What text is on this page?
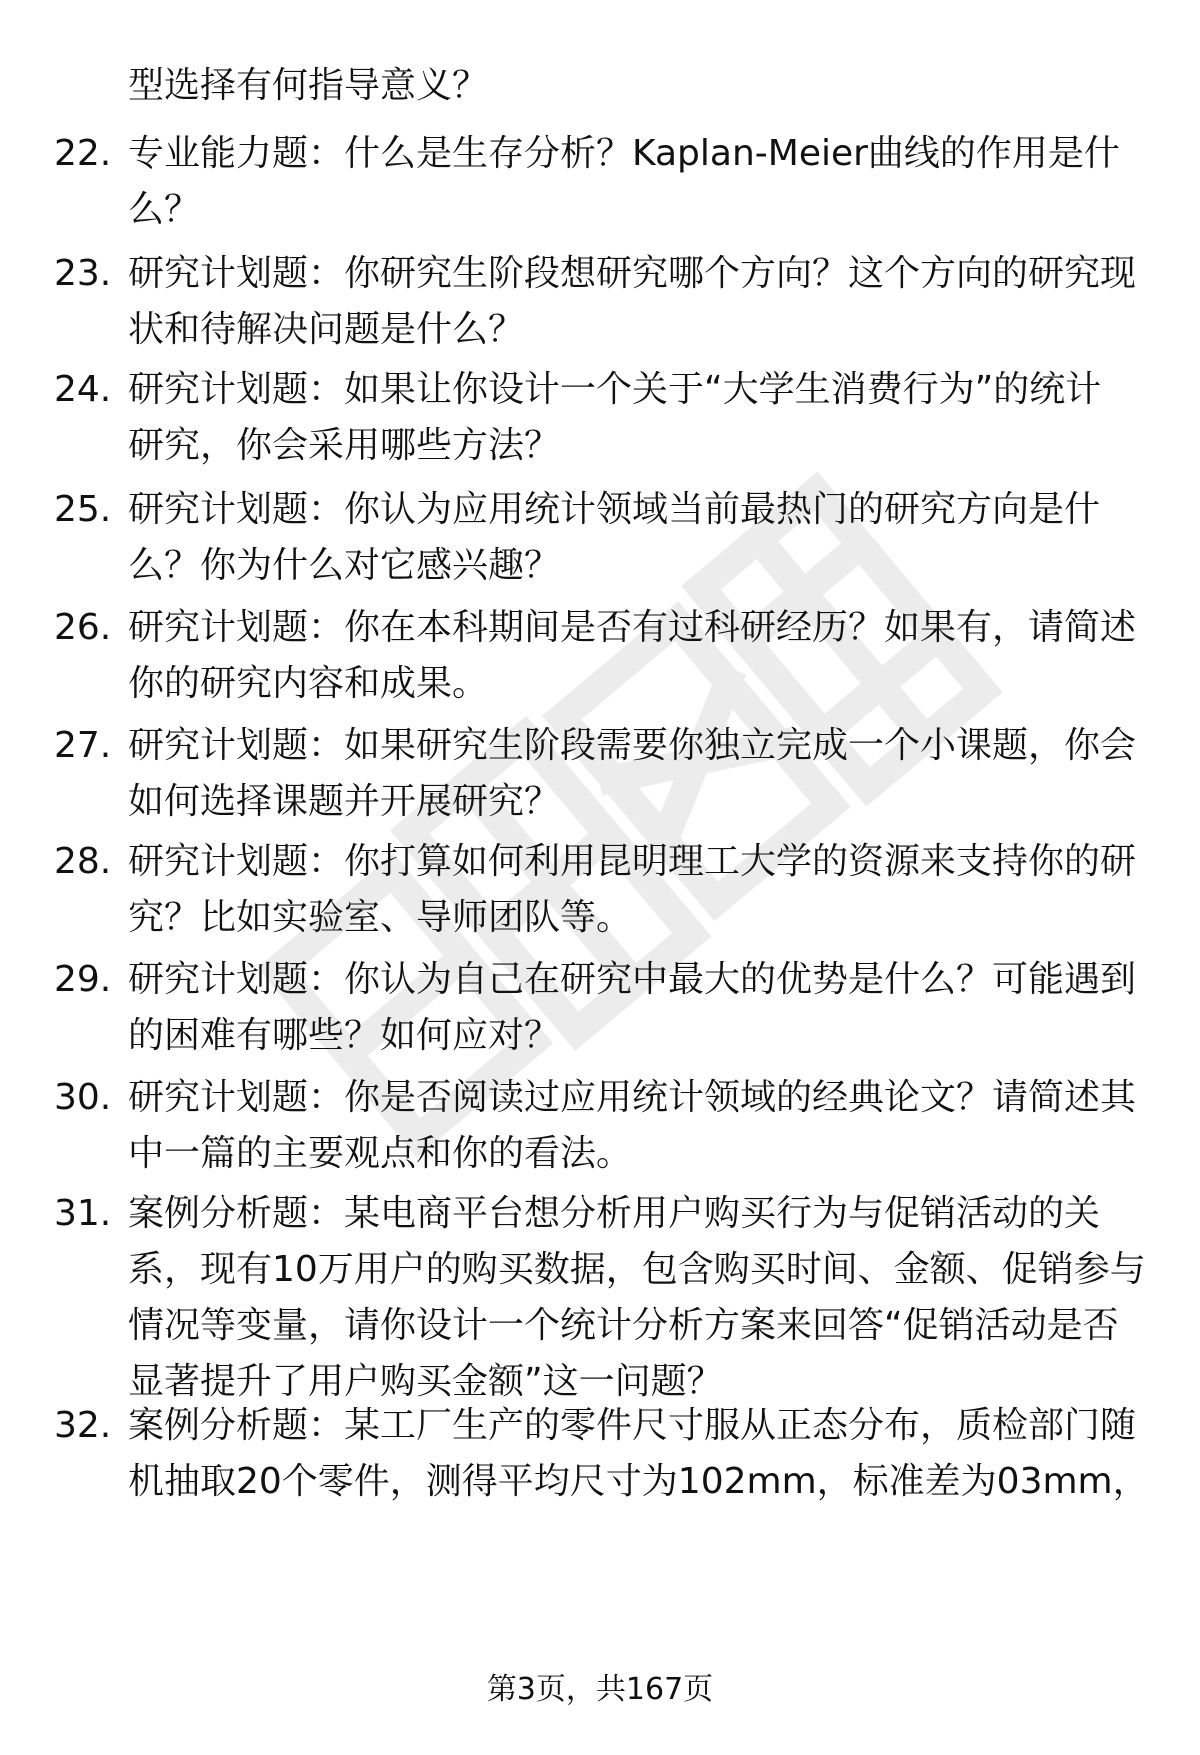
型选择有何指导意义？
22. 专业能力题：什么是生存分析？Kaplan-Meier曲线的作用是什
么？
23. 研究计划题：你研究生阶段想研究哪个方向？这个方向的研究现
状和待解决问题是什么？
24. 研究计划题：如果让你设计一个关于“大学生消费行为”的统计
研究，你会采用哪些方法？
25. 研究计划题：你认为应用统计领域当前最热门的研究方向是什
么？你为什么对它感兴趣？
26. 研究计划题：你在本科期间是否有过科研经历？如果有，请简述
你的研究内容和成果。
27. 研究计划题：如果研究生阶段需要你独立完成一个小课题，你会
如何选择课题并开展研究？
28. 研究计划题：你打算如何利用昆明理工大学的资源来支持你的研
究？比如实验室、导师团队等。
29. 研究计划题：你认为自己在研究中最大的优势是什么？可能遇到
的困难有哪些？如何应对？
30. 研究计划题：你是否阅读过应用统计领域的经典论文？请简述其
中一篇的主要观点和你的看法。
31. 案例分析题：某电商平台想分析用户购买行为与促销活动的关
系，现有10万用户的购买数据，包含购买时间、金额、促销参与
情况等变量，请你设计一个统计分析方案来回答“促销活动是否
显著提升了用户购买金额”这一问题？
32. 案例分析题：某工厂生产的零件尺寸服从正态分布，质检部门随
机抽取20个零件，测得平均尺寸为102mm，标准差为03mm，
第3页，共167页
